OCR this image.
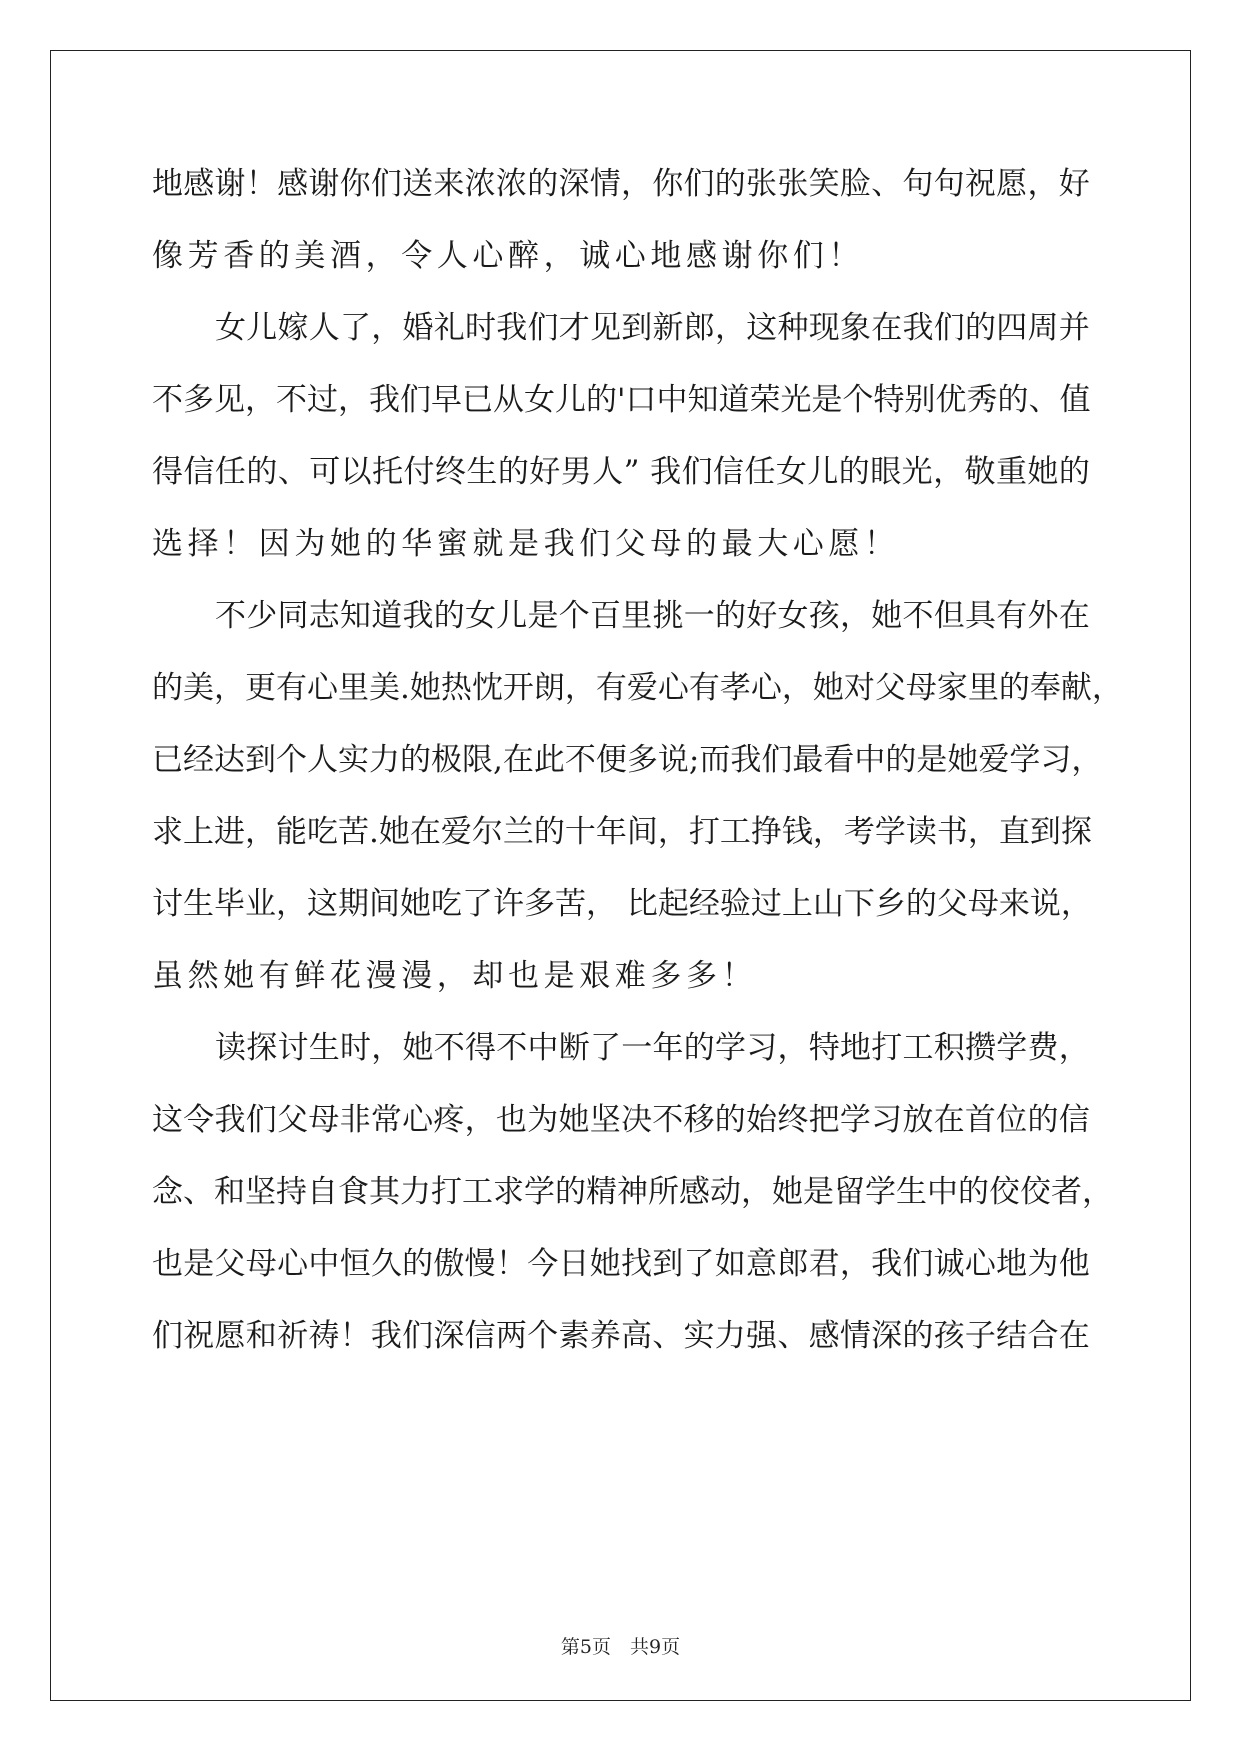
地 感 谢 ！ 感 谢 你 们 送 来 浓 浓 的 深 情 ， 你 们 的 张 张 笑 脸 、 句 句 祝 愿 ， 好
像芳香的美酒，令人心醉，诚心地感谢你们！
女 儿 嫁 人 了 ， 婚 礼 时 我 们 才 见 到 新 郎 ， 这 种 现 象 在 我 们 的 四 周 并
不 多 见 ， 不 过 ， 我 们 早 已 从 女 儿 的 ' 口 中 知 道 荣 光 是 个 特 别 优 秀 的 、 值
得 信 任 的 、 可 以 托 付 终 生 的 好 男 人 ”
我 们 信 任 女 儿 的 眼 光 ， 敬 重 她 的
选择！因为她的华蜜就是我们父母的最大心愿！
不 少 同 志 知 道 我 的 女 儿 是 个 百 里 挑 一 的 好 女 孩 ， 她 不 但 具 有 外 在
的 美 ， 更 有 心 里 美 . 她 热 忱 开 朗 ， 有 爱 心 有 孝 心 ， 她 对 父 母 家 里 的 奉 献 ，
已 经 达 到 个 人 实 力 的 极 限 , 在 此 不 便 多 说 ; 而 我 们 最 看 中 的 是 她 爱 学 习 ，
求 上 进 ， 能 吃 苦 . 她 在 爱 尔 兰 的 十 年 间 ， 打 工 挣 钱 ， 考 学 读 书 ， 直 到 探
讨 生 毕 业 ， 这 期 间 她 吃 了 许 多 苦 ，
比 起 经 验 过 上 山 下 乡 的 父 母 来 说 ，
虽然她有鲜花漫漫，却也是艰难多多！
读 探 讨 生 时 ， 她 不 得 不 中 断 了 一 年 的 学 习 ， 特 地 打 工 积 攒 学 费 ，
这 令 我 们 父 母 非 常 心 疼 ， 也 为 她 坚 决 不 移 的 始 终 把 学 习 放 在 首 位 的 信
念 、 和 坚 持 自 食 其 力 打 工 求 学 的 精 神 所 感 动 ， 她 是 留 学 生 中 的 佼 佼 者 ，
也 是 父 母 心 中 恒 久 的 傲 慢 ！ 今 日 她 找 到 了 如 意 郎 君 ， 我 们 诚 心 地 为 他
们 祝 愿 和 祈 祷 ！ 我 们 深 信 两 个 素 养 高 、 实 力 强 、 感 情 深 的 孩 子 结 合 在
第5页　共9页
